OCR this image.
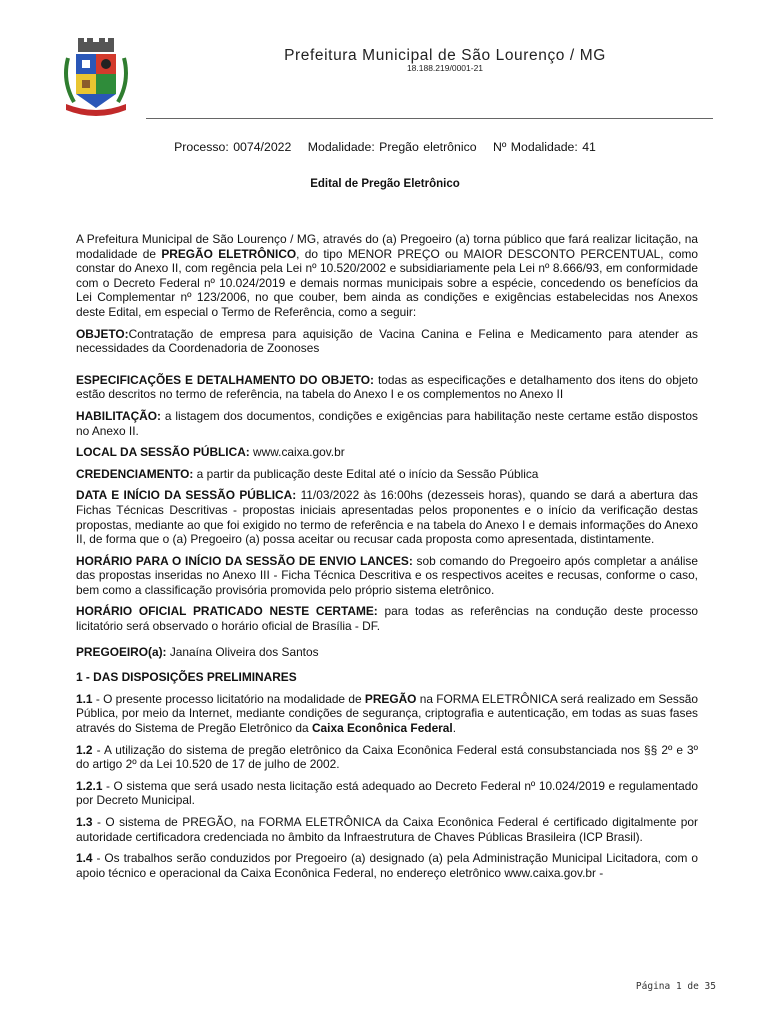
Prefeitura Municipal de São Lourenço / MG
18.188.219/0001-21
Processo: 0074/2022 Modalidade: Pregão eletrônico Nº Modalidade: 41
Edital de Pregão Eletrônico

A Prefeitura Municipal de São Lourenço / MG, através do (a) Pregoeiro (a) torna público que fará realizar licitação, na modalidade de PREGÃO ELETRÔNICO, do tipo MENOR PREÇO ou MAIOR DESCONTO PERCENTUAL, como constar do Anexo II, com regência pela Lei nº 10.520/2002 e subsidiariamente pela Lei nº 8.666/93, em conformidade com o Decreto Federal nº 10.024/2019 e demais normas municipais sobre a espécie, concedendo os benefícios da Lei Complementar nº 123/2006, no que couber, bem ainda as condições e exigências estabelecidas nos Anexos deste Edital, em especial o Termo de Referência, como a seguir:

OBJETO:Contratação de empresa para aquisição de Vacina Canina e Felina e Medicamento para atender as necessidades da Coordenadoria de Zoonoses

ESPECIFICAÇÕES E DETALHAMENTO DO OBJETO: todas as especificações e detalhamento dos itens do objeto estão descritos no termo de referência, na tabela do Anexo I e os complementos no Anexo II

HABILITAÇÃO: a listagem dos documentos, condições e exigências para habilitação neste certame estão dispostos no Anexo II.

LOCAL DA SESSÃO PÚBLICA: www.caixa.gov.br

CREDENCIAMENTO: a partir da publicação deste Edital até o início da Sessão Pública

DATA E INÍCIO DA SESSÃO PÚBLICA: 11/03/2022 às 16:00hs (dezesseis horas), quando se dará a abertura das Fichas Técnicas Descritivas - propostas iniciais apresentadas pelos proponentes e o início da verificação destas propostas, mediante ao que foi exigido no termo de referência e na tabela do Anexo I e demais informações do Anexo II, de forma que o (a) Pregoeiro (a) possa aceitar ou recusar cada proposta como apresentada, distintamente.

HORÁRIO PARA O INÍCIO DA SESSÃO DE ENVIO LANCES: sob comando do Pregoeiro após completar a análise das propostas inseridas no Anexo III - Ficha Técnica Descritiva e os respectivos aceites e recusas, conforme o caso, bem como a classificação provisória promovida pelo próprio sistema eletrônico.

HORÁRIO OFICIAL PRATICADO NESTE CERTAME: para todas as referências na condução deste processo licitatório será observado o horário oficial de Brasília - DF.

PREGOEIRO(a): Janaína Oliveira dos Santos

1 - DAS DISPOSIÇÕES PRELIMINARES

1.1 - O presente processo licitatório na modalidade de PREGÃO na FORMA ELETRÔNICA será realizado em Sessão Pública, por meio da Internet, mediante condições de segurança, criptografia e autenticação, em todas as suas fases através do Sistema de Pregão Eletrônico da Caixa Econônica Federal.

1.2 - A utilização do sistema de pregão eletrônico da Caixa Econônica Federal está consubstanciada nos §§ 2º e 3º do artigo 2º da Lei 10.520 de 17 de julho de 2002.

1.2.1 - O sistema que será usado nesta licitação está adequado ao Decreto Federal nº 10.024/2019 e regulamentado por Decreto Municipal.

1.3 - O sistema de PREGÃO, na FORMA ELETRÔNICA da Caixa Econônica Federal é certificado digitalmente por autoridade certificadora credenciada no âmbito da Infraestrutura de Chaves Públicas Brasileira (ICP Brasil).

1.4 - Os trabalhos serão conduzidos por Pregoeiro (a) designado (a) pela Administração Municipal Licitadora, com o apoio técnico e operacional da Caixa Econônica Federal, no endereço eletrônico www.caixa.gov.br -

Página 1 de 35
